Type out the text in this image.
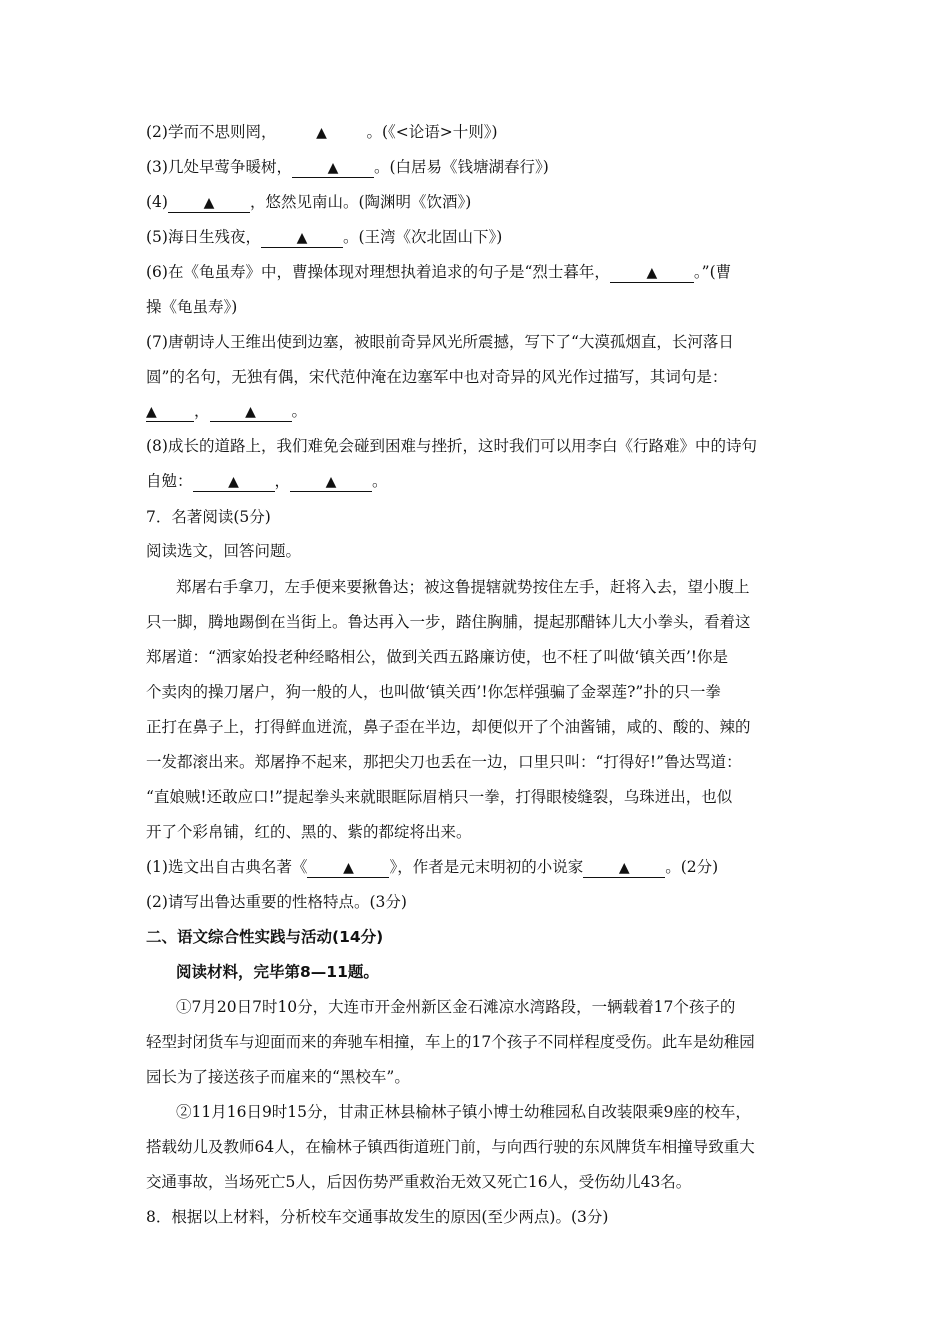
(2)学而不思则罔，	▲	。(《<论语>十则》)
(3)几处早莺争暖树，	▲ 。(白居易《钱塘湖春行》)
(4)	▲ ，悠然见南山。(陶渊明《饮酒》)
(5)海日生残夜，	▲ 。(王湾《次北固山下》)
(6)在《龟虽寿》中，曹操体现对理想执着追求的句子是“烈士暮年，	▲ 。”(曹
操《龟虽寿》)
(7)唐朝诗人王维出使到边塞，被眼前奇异风光所震撼，写下了“大漠孤烟直，长河落日
圆”的名句，无独有偶，宋代范仲淹在边塞军中也对奇异的风光作过描写，其词句是：
▲ ，	▲ 。
(8)成长的道路上，我们难免会碰到困难与挫折，这时我们可以用李白《行路难》中的诗句
自勉：	▲ ，	▲ 。
7．名著阅读(5分)
阅读选文，回答问题。
郑屠右手拿刀，左手便来要揪鲁达；被这鲁提辖就势按住左手，赶将入去，望小腹上
只一脚，腾地踢倒在当街上。鲁达再入一步，踏住胸脯，提起那醋钵儿大小拳头，看着这
郑屠道：“洒家始投老种经略相公，做到关西五路廉访使，也不枉了叫做‘镇关西’!你是
个卖肉的操刀屠户，狗一般的人，也叫做‘镇关西’!你怎样强骗了金翠莲?”扑的只一拳
正打在鼻子上，打得鲜血迸流，鼻子歪在半边，却便似开了个油酱铺，咸的、酸的、辣的
一发都滚出来。郑屠挣不起来，那把尖刀也丢在一边，口里只叫：“打得好!”鲁达骂道：
“直娘贼!还敢应口!”提起拳头来就眼眶际眉梢只一拳，打得眼棱缝裂，乌珠迸出，也似
开了个彩帛铺，红的、黑的、紫的都绽将出来。
(1)选文出自古典名著《	▲ 》，作者是元末明初的小说家	▲ 。(2分)
(2)请写出鲁达重要的性格特点。(3分)
二、语文综合性实践与活动(14分)
阅读材料，完毕第8—11题。
①7月20日7时10分，大连市开金州新区金石滩凉水湾路段，一辆载着17个孩子的
轻型封闭货车与迎面而来的奔驰车相撞，车上的17个孩子不同样程度受伤。此车是幼稚园
园长为了接送孩子而雇来的“黑校车”。
②11月16日9时15分，甘肃正林县榆林子镇小博士幼稚园私自改装限乘9座的校车，
搭载幼儿及教师64人，在榆林子镇西街道班门前，与向西行驶的东风牌货车相撞导致重大
交通事故，当场死亡5人，后因伤势严重救治无效又死亡16人，受伤幼儿43名。
8．根据以上材料，分析校车交通事故发生的原因(至少两点)。(3分)
